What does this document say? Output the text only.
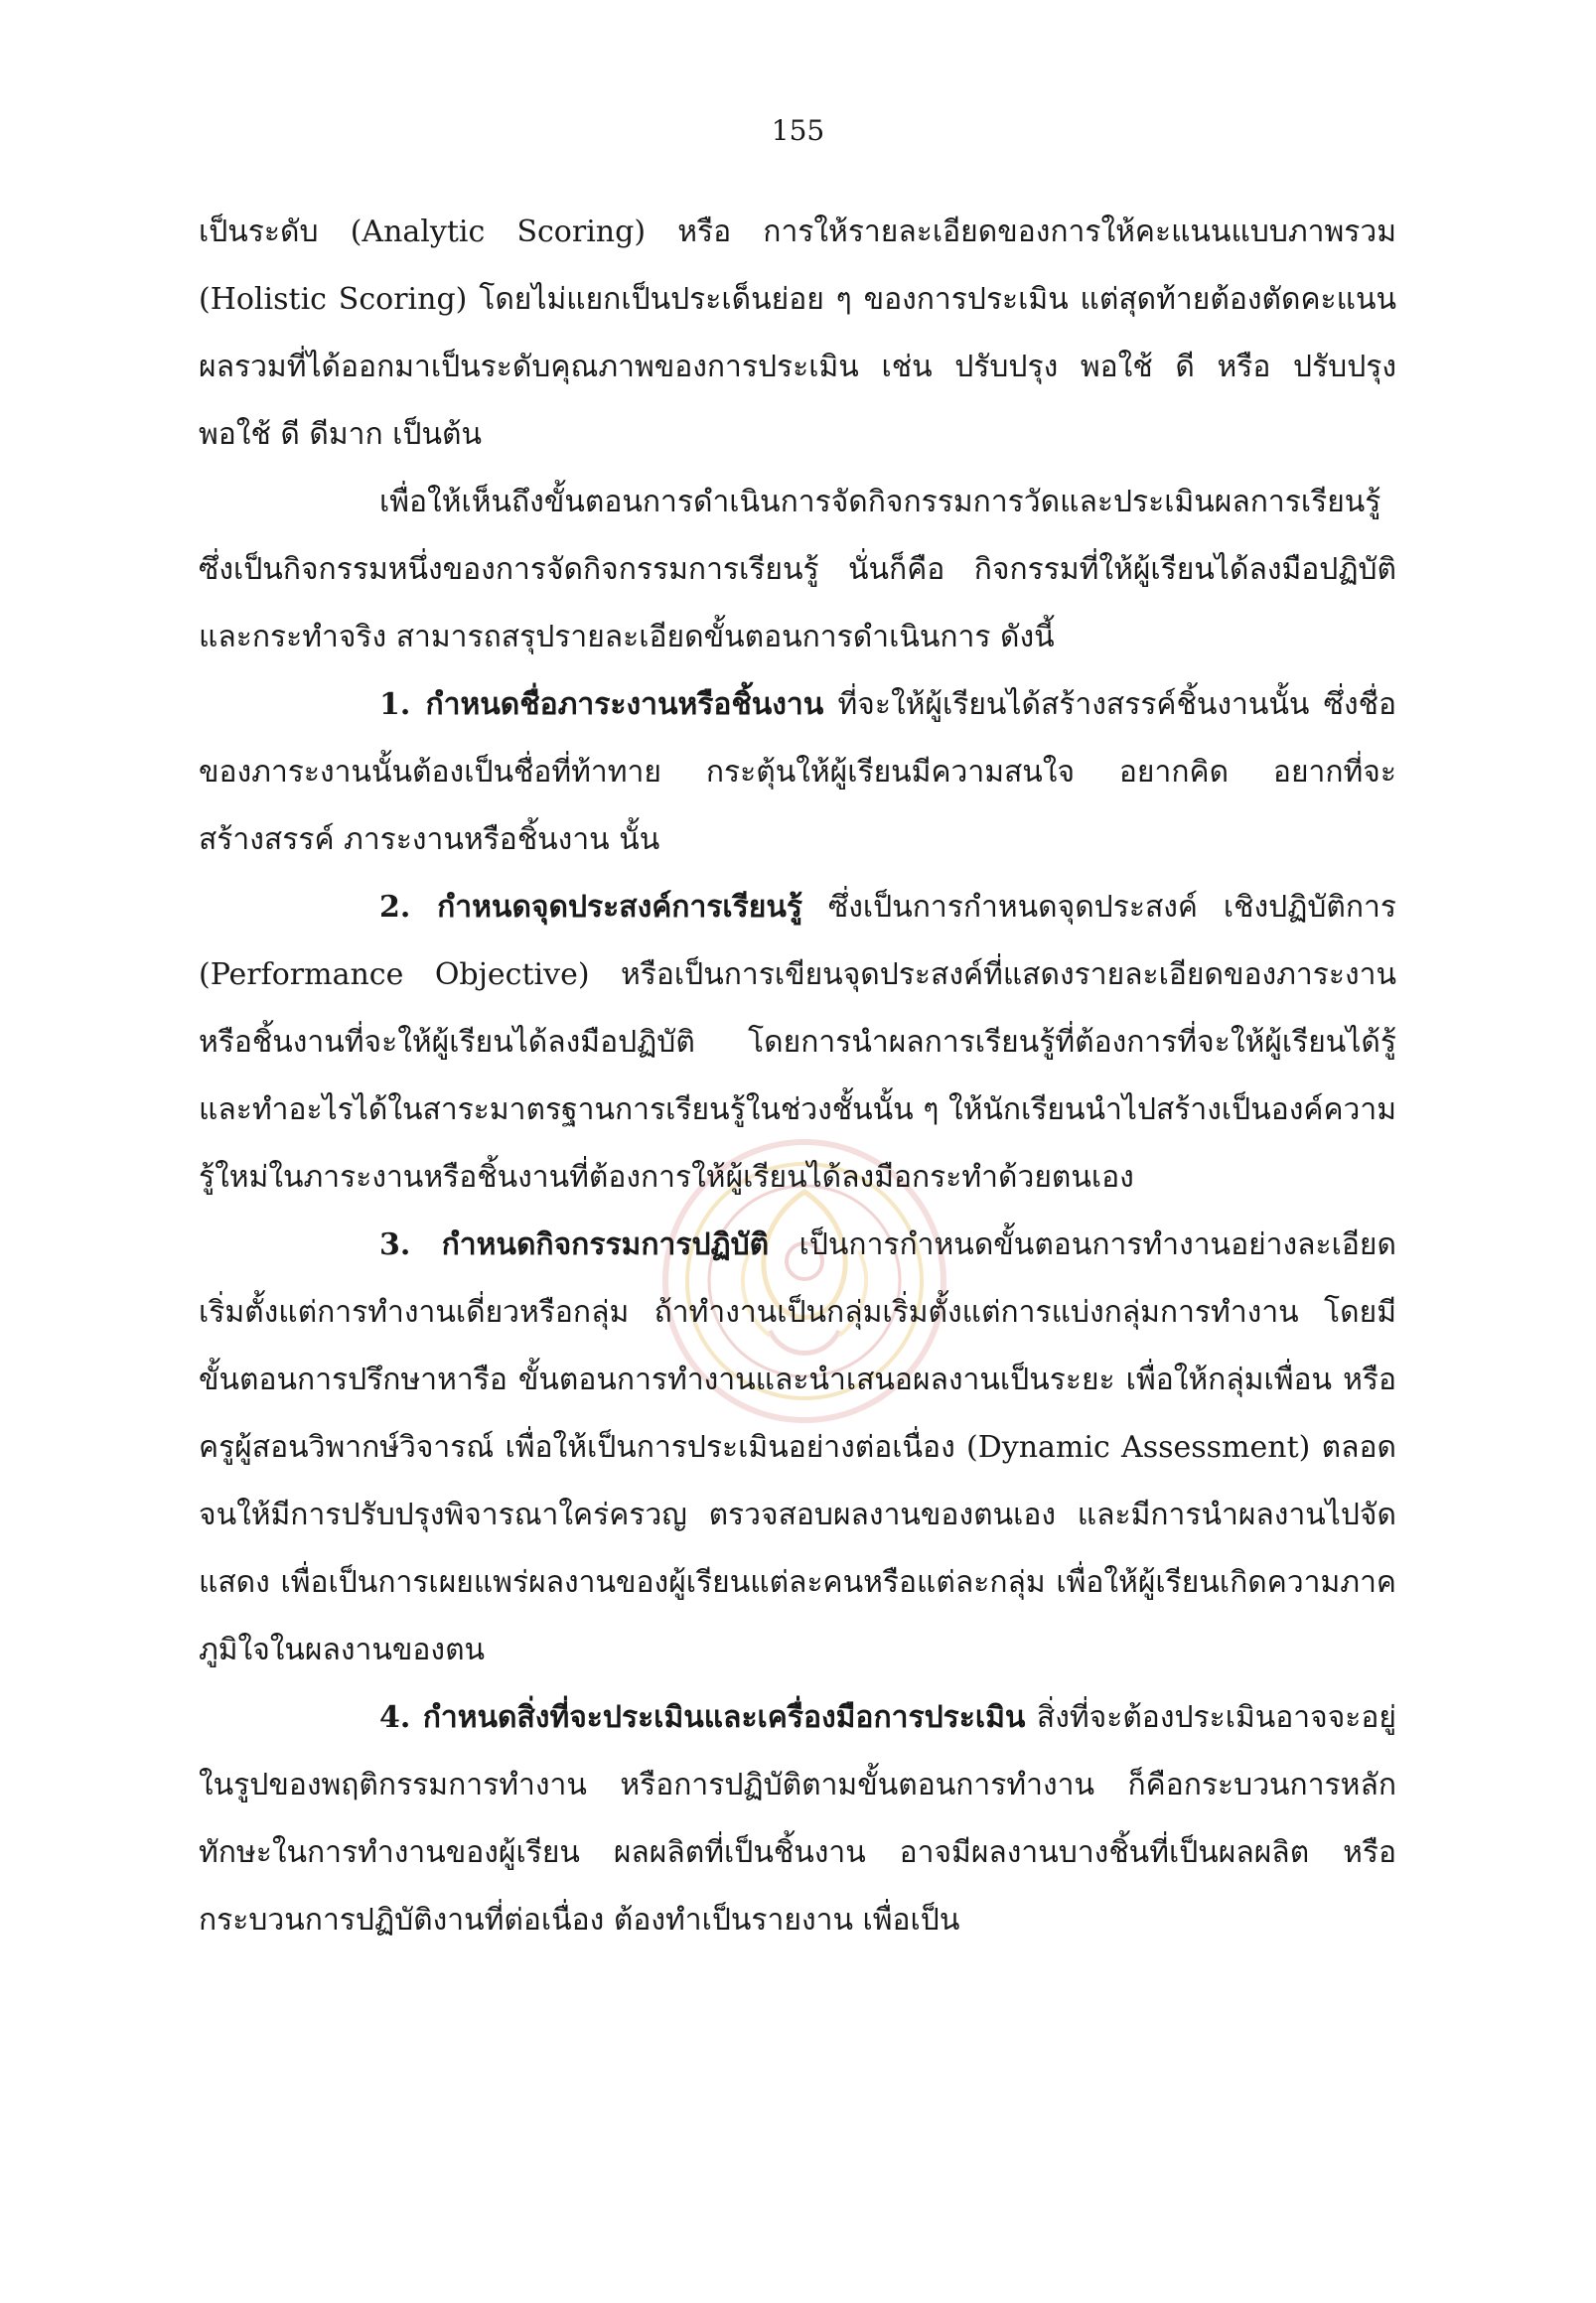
155

เป็นระดับ (Analytic Scoring) หรือ การให้รายละเอียดของการให้คะแนนแบบภาพรวม (Holistic Scoring) โดยไม่แยกเป็นประเด็นย่อย ๆ ของการประเมิน แต่สุดท้ายต้องตัดคะแนนผลรวมที่ได้ออกมาเป็นระดับคุณภาพของการประเมิน เช่น ปรับปรุง พอใช้ ดี หรือ ปรับปรุง พอใช้ ดี ดีมาก เป็นต้น

เพื่อให้เห็นถึงขั้นตอนการดำเนินการจัดกิจกรรมการวัดและประเมินผลการเรียนรู้ ซึ่งเป็นกิจกรรมหนึ่งของการจัดกิจกรรมการเรียนรู้ นั่นก็คือ กิจกรรมที่ให้ผู้เรียนได้ลงมือปฏิบัติและกระทำจริง สามารถสรุปรายละเอียดขั้นตอนการดำเนินการ ดังนี้

1. กำหนดชื่อภาระงานหรือชิ้นงาน ที่จะให้ผู้เรียนได้สร้างสรรค์ชิ้นงานนั้น ซึ่งชื่อของภาระงานนั้นต้องเป็นชื่อที่ท้าทาย กระตุ้นให้ผู้เรียนมีความสนใจ อยากคิด อยากที่จะสร้างสรรค์ ภาระงานหรือชิ้นงาน นั้น

2. กำหนดจุดประสงค์การเรียนรู้ ซึ่งเป็นการกำหนดจุดประสงค์ เชิงปฏิบัติการ (Performance Objective) หรือเป็นการเขียนจุดประสงค์ที่แสดงรายละเอียดของภาระงาน หรือชิ้นงานที่จะให้ผู้เรียนได้ลงมือปฏิบัติ โดยการนำผลการเรียนรู้ที่ต้องการที่จะให้ผู้เรียนได้รู้ และทำอะไรได้ในสาระมาตรฐานการเรียนรู้ในช่วงชั้นนั้น ๆ ให้นักเรียนนำไปสร้างเป็นองค์ความรู้ใหม่ในภาระงานหรือชิ้นงานที่ต้องการให้ผู้เรียนได้ลงมือกระทำด้วยตนเอง

3. กำหนดกิจกรรมการปฏิบัติ เป็นการกำหนดขั้นตอนการทำงานอย่างละเอียดเริ่มตั้งแต่การทำงานเดี่ยวหรือกลุ่ม ถ้าทำงานเป็นกลุ่มเริ่มตั้งแต่การแบ่งกลุ่มการทำงาน โดยมีขั้นตอนการปรึกษาหารือ ขั้นตอนการทำงานและนำเสนอผลงานเป็นระยะ เพื่อให้กลุ่มเพื่อน หรือครูผู้สอนวิพากษ์วิจารณ์ เพื่อให้เป็นการประเมินอย่างต่อเนื่อง (Dynamic Assessment) ตลอดจนให้มีการปรับปรุงพิจารณาใคร่ครวญ ตรวจสอบผลงานของตนเอง และมีการนำผลงานไปจัดแสดง เพื่อเป็นการเผยแพร่ผลงานของผู้เรียนแต่ละคนหรือแต่ละกลุ่ม เพื่อให้ผู้เรียนเกิดความภาคภูมิใจในผลงานของตน

4. กำหนดสิ่งที่จะประเมินและเครื่องมือการประเมิน สิ่งที่จะต้องประเมินอาจจะอยู่ในรูปของพฤติกรรมการทำงาน หรือการปฏิบัติตามขั้นตอนการทำงาน ก็คือกระบวนการหลัก ทักษะในการทำงานของผู้เรียน ผลผลิตที่เป็นชิ้นงาน อาจมีผลงานบางชิ้นที่เป็นผลผลิต หรือกระบวนการปฏิบัติงานที่ต่อเนื่อง ต้องทำเป็นรายงาน เพื่อเป็น
